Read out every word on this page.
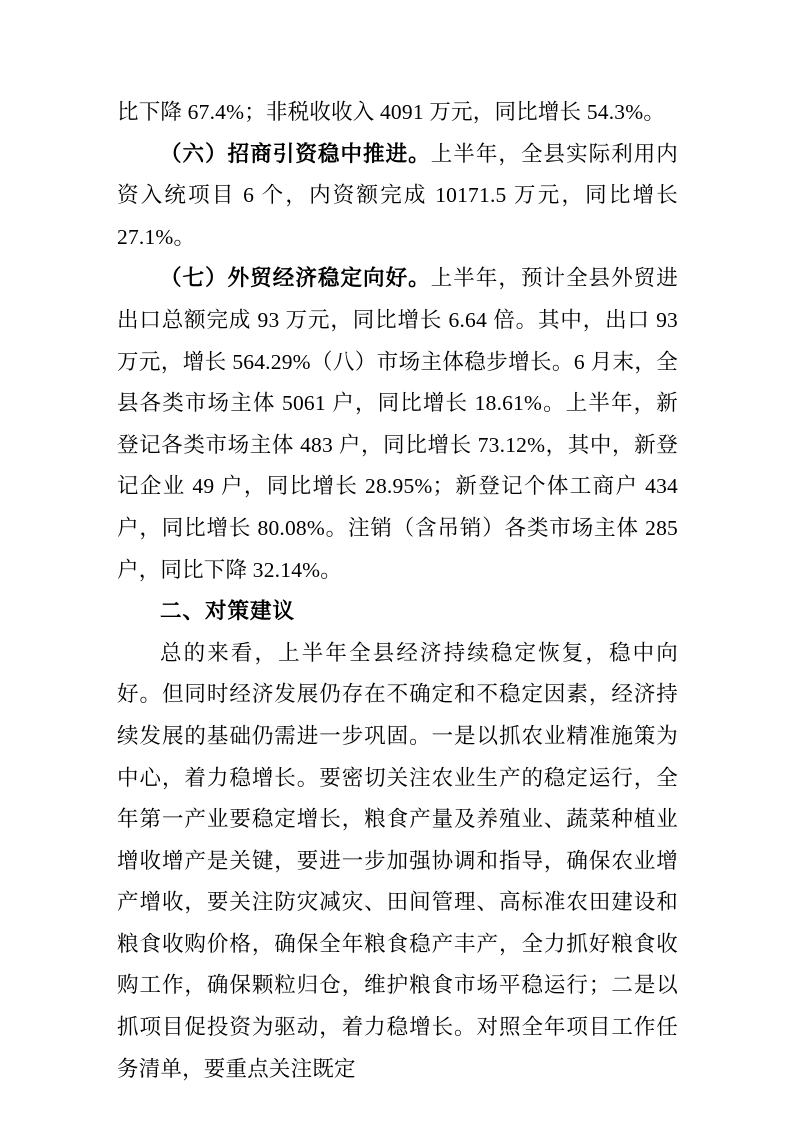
比下降 67.4%；非税收收入 4091 万元，同比增长 54.3%。

（六）招商引资稳中推进。上半年，全县实际利用内资入统项目 6 个，内资额完成 10171.5 万元，同比增长 27.1%。

（七）外贸经济稳定向好。上半年，预计全县外贸进出口总额完成 93 万元，同比增长 6.64 倍。其中，出口 93 万元，增长 564.29%（八）市场主体稳步增长。6 月末，全县各类市场主体 5061 户，同比增长 18.61%。上半年，新登记各类市场主体 483 户，同比增长 73.12%，其中，新登记企业 49 户，同比增长 28.95%；新登记个体工商户 434 户，同比增长 80.08%。注销（含吊销）各类市场主体 285 户，同比下降 32.14%。

二、对策建议

总的来看，上半年全县经济持续稳定恢复，稳中向好。但同时经济发展仍存在不确定和不稳定因素，经济持续发展的基础仍需进一步巩固。一是以抓农业精准施策为中心，着力稳增长。要密切关注农业生产的稳定运行，全年第一产业要稳定增长，粮食产量及养殖业、蔬菜种植业增收增产是关键，要进一步加强协调和指导，确保农业增产增收，要关注防灾减灾、田间管理、高标准农田建设和粮食收购价格，确保全年粮食稳产丰产，全力抓好粮食收购工作，确保颗粒归仓，维护粮食市场平稳运行；二是以抓项目促投资为驱动，着力稳增长。对照全年项目工作任务清单，要重点关注既定
